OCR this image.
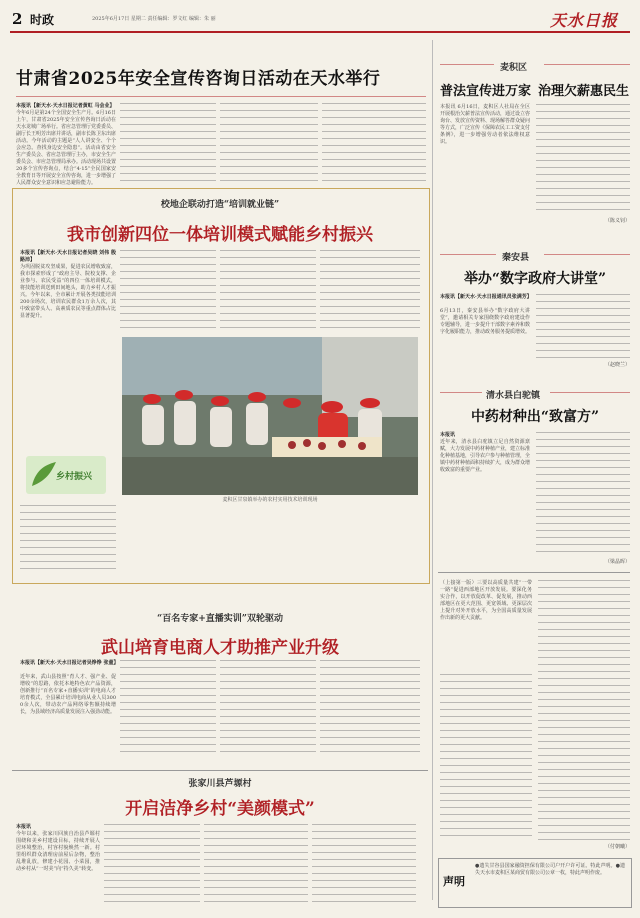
2 时政	2025年6月17日 星期二 责任编辑：罗文红 编辑：朱 丽	天水日报
甘肃省2025年安全宣传咨询日活动在天水举行
本报讯【新天水·天水日报记者黄虹 马会业】
今年6月是第24个全国安全生产月。6月16日上午，甘肃省2025年安全宣传咨询日活动在天水龙城广场举行。省应急管理厅党委委员、副厅长王明芳出席并讲话，副市长陈卫东出席活动。今年活动的主题是“人人讲安全、个个会应急。查找身边安全隐患”。活动由省安全生产委员会、省应急管理厅主办，市安全生产委员会、市应急管理局承办。活动现场共设置20多个宣传咨询点，结合“4·15”全民国家安全教育日等开展安全宣传咨询，进一步增强了人民群众安全意识和应急避险能力。
校地企联动打造“培训就业链”
我市创新四位一体培训模式赋能乡村振兴
本报讯【新天水·天水日报记者吴晓 刘伟 殷路沛】
为巩固脱贫攻坚成果，促进农民增收致富，我市探索形成了“政府主导、院校支撑、企业参与、农民受益”的四位一体培训模式，将技能培训送到田间地头，助力乡村人才振兴。今年以来，全市累计开展各类技能培训200余场次，培训农民群众1万余人次，其中致富带头人、高素质农民等重点群体占比显著提升。
麦积区甘泉镇举办的农村实用技术培训现场
乡村振兴
“百名专家+直播实训”双轮驱动
武山培育电商人才助推产业升级
本报讯【新天水·天水日报记者吴铮铮 张童】
近年来，武山县按照“育人才、强产业、促增收”的思路，依托本地特色农产品资源，创新推行“百名专家+直播实训”的电商人才培育模式，全县累计培训电商从业人员3000余人次，带动农产品网络零售额持续增长，为县域经济高质量发展注入强劲动能。
张家川县芦塬村
开启洁净乡村“美颜模式”
本报讯
今年以来，张家川回族自治县芦塬村围绕和美乡村建设目标，持续开展人居环境整治，村容村貌焕然一新。村里组织群众清理房前屋后杂物，整治乱堆乱放，修建小花园、小菜园，推动乡村从“一时美”向“持久美”转变。
麦积区
普法宣传进万家 治理欠薪惠民生
本报讯 6月16日，麦积区人社局在全区开展根治欠薪普法宣传活动，通过设立咨询台、发放宣传资料、现场解答群众疑问等方式，广泛宣传《保障农民工工资支付条例》，进一步增强劳动者依法维权意识。
（陈义钊）
秦安县
举办“数字政府大讲堂”
本报讯【新天水·天水日报通讯员张满芳】
6月13日，秦安县举办“数字政府大讲堂”，邀请相关专家围绕数字政府建设作专题辅导，进一步提升干部数字素养和数字化履职能力，推动政务服务提质增效。
（赵晓兰）
清水县白驼镇
中药材种出“致富方”
本报讯
近年来，清水县白驼镇立足自然资源禀赋，大力发展中药材种植产业，建立标准化种植基地，引导农户参与种植管理，全镇中药材种植面积持续扩大，成为群众增收致富的重要产业。
（梁晶晖）
（上接第一版）三要以高质量共建“一带一路”促进西部地区开放发展。要深化务实合作，以开放促改革、促发展，推动西部地区在更大范围、更宽领域、更深层次上提升对外开放水平，为全国高质量发展作出新的更大贡献。
（付朝曦）
声明
●遗失甘谷县国家融资担保有限公司户开户许可证。特此声明。●遗失天水市麦积区某商贸有限公司公章一枚，特此声明作废。
